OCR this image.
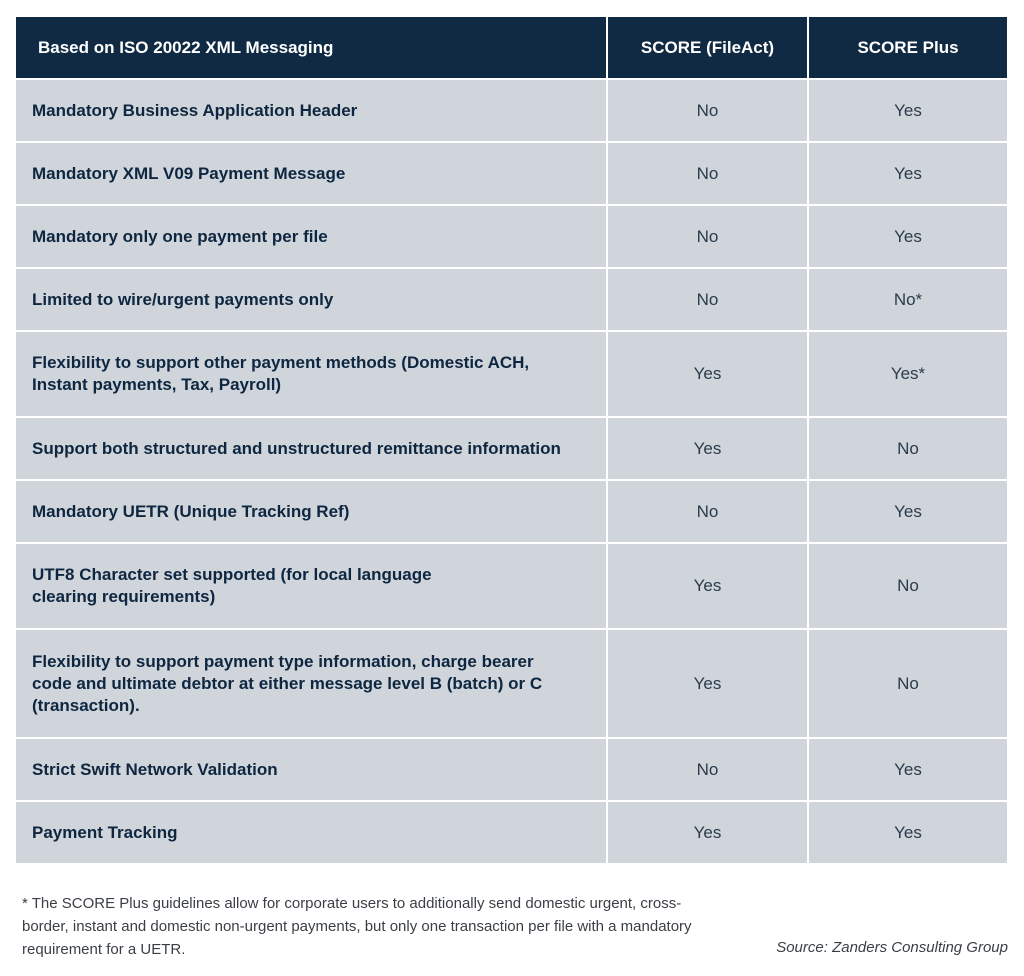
Based on ISO 20022 XML Messaging	SCORE (FileAct)	SCORE Plus
Mandatory Business Application Header	No	Yes
Mandatory XML V09 Payment Message	No	Yes
Mandatory only one payment per file	No	Yes
Limited to wire/urgent payments only	No	No*
Flexibility to support other payment methods (Domestic ACH, Instant payments, Tax, Payroll)	Yes	Yes*
Support both structured and unstructured remittance information	Yes	No
Mandatory UETR (Unique Tracking Ref)	No	Yes
UTF8 Character set supported (for local language clearing requirements)	Yes	No
Flexibility to support payment type information, charge bearer code and ultimate debtor at either message level B (batch) or C (transaction).	Yes	No
Strict Swift Network Validation	No	Yes
Payment Tracking	Yes	Yes

* The SCORE Plus guidelines allow for corporate users to additionally send domestic urgent, cross-border, instant and domestic non-urgent payments, but only one transaction per file with a mandatory requirement for a UETR.	Source: Zanders Consulting Group
